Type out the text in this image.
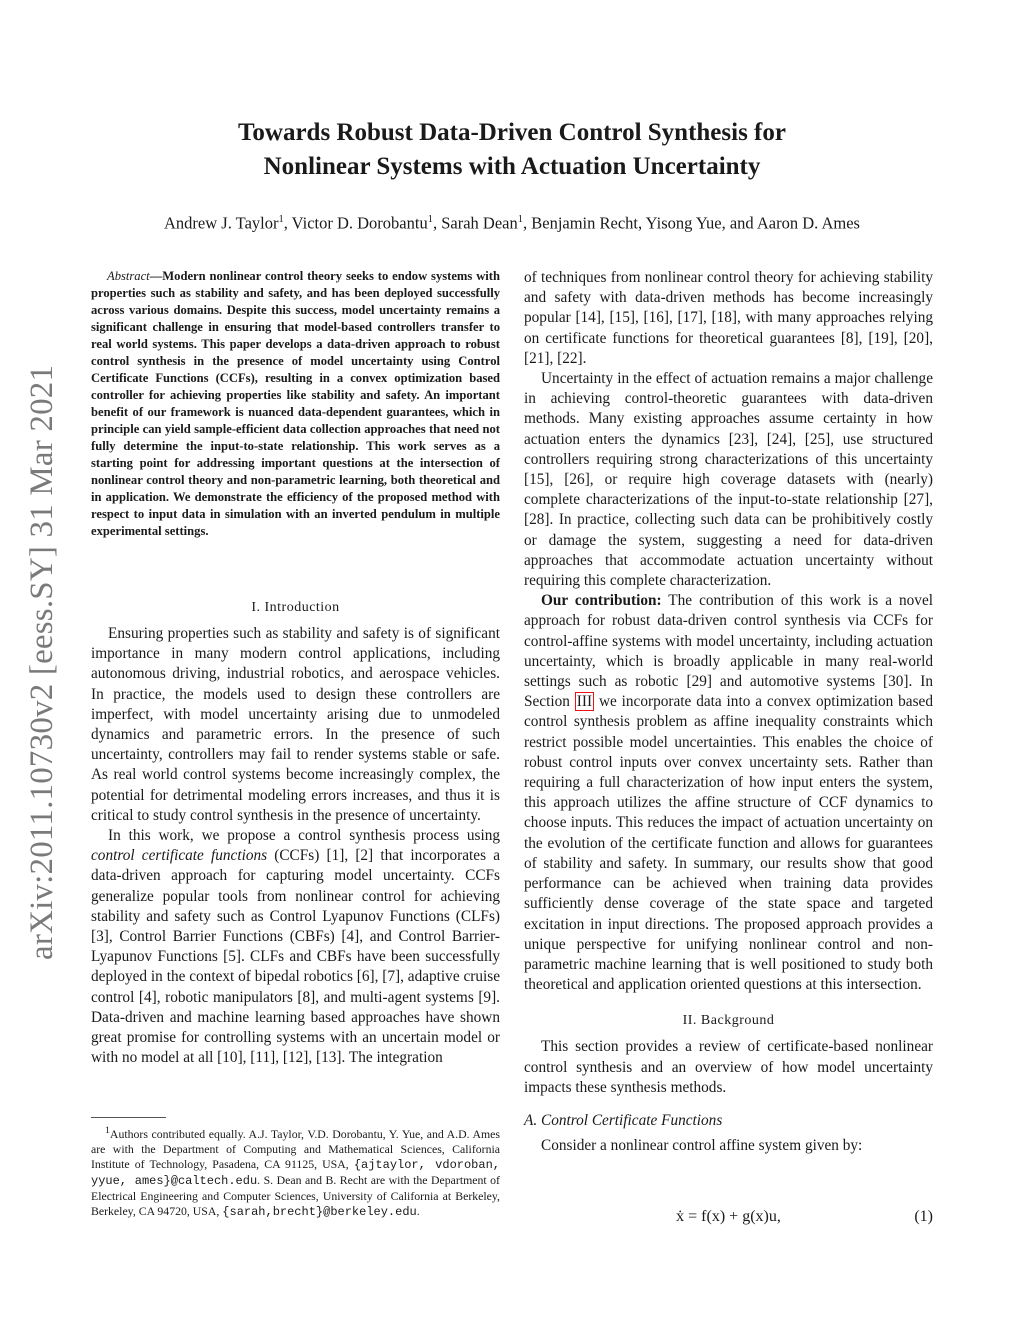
arXiv:2011.10730v2 [eess.SY] 31 Mar 2021
Towards Robust Data-Driven Control Synthesis for
Nonlinear Systems with Actuation Uncertainty
Andrew J. Taylor$^1$, Victor D. Dorobantu$^1$, Sarah Dean$^1$, Benjamin Recht, Yisong Yue, and Aaron D. Ames

Abstract—Modern nonlinear control theory seeks to endow systems with properties such as stability and safety, and has been deployed successfully across various domains. Despite this success, model uncertainty remains a significant challenge in ensuring that model-based controllers transfer to real world systems. This paper develops a data-driven approach to robust control synthesis in the presence of model uncertainty using Control Certificate Functions (CCFs), resulting in a convex optimization based controller for achieving properties like stability and safety. An important benefit of our framework is nuanced data-dependent guarantees, which in principle can yield sample-efficient data collection approaches that need not fully determine the input-to-state relationship. This work serves as a starting point for addressing important questions at the intersection of nonlinear control theory and non-parametric learning, both theoretical and in application. We demonstrate the efficiency of the proposed method with respect to input data in simulation with an inverted pendulum in multiple experimental settings.

I. Introduction

Ensuring properties such as stability and safety is of significant importance in many modern control applications, including autonomous driving, industrial robotics, and aerospace vehicles. In practice, the models used to design these controllers are imperfect, with model uncertainty arising due to unmodeled dynamics and parametric errors. In the presence of such uncertainty, controllers may fail to render systems stable or safe. As real world control systems become increasingly complex, the potential for detrimental modeling errors increases, and thus it is critical to study control synthesis in the presence of uncertainty.

In this work, we propose a control synthesis process using control certificate functions (CCFs) [1], [2] that incorporates a data-driven approach for capturing model uncertainty. CCFs generalize popular tools from nonlinear control for achieving stability and safety such as Control Lyapunov Functions (CLFs) [3], Control Barrier Functions (CBFs) [4], and Control Barrier-Lyapunov Functions [5]. CLFs and CBFs have been successfully deployed in the context of bipedal robotics [6], [7], adaptive cruise control [4], robotic manipulators [8], and multi-agent systems [9]. Data-driven and machine learning based approaches have shown great promise for controlling systems with an uncertain model or with no model at all [10], [11], [12], [13]. The integration

$^1$Authors contributed equally. A.J. Taylor, V.D. Dorobantu, Y. Yue, and A.D. Ames are with the Department of Computing and Mathematical Sciences, California Institute of Technology, Pasadena, CA 91125, USA, {ajtaylor, vdoroban, yyue, ames}@caltech.edu. S. Dean and B. Recht are with the Department of Electrical Engineering and Computer Sciences, University of California at Berkeley, Berkeley, CA 94720, USA, {sarah,brecht}@berkeley.edu.

of techniques from nonlinear control theory for achieving stability and safety with data-driven methods has become increasingly popular [14], [15], [16], [17], [18], with many approaches relying on certificate functions for theoretical guarantees [8], [19], [20], [21], [22].

Uncertainty in the effect of actuation remains a major challenge in achieving control-theoretic guarantees with data-driven methods. Many existing approaches assume certainty in how actuation enters the dynamics [23], [24], [25], use structured controllers requiring strong characterizations of this uncertainty [15], [26], or require high coverage datasets with (nearly) complete characterizations of the input-to-state relationship [27], [28]. In practice, collecting such data can be prohibitively costly or damage the system, suggesting a need for data-driven approaches that accommodate actuation uncertainty without requiring this complete characterization.

Our contribution: The contribution of this work is a novel approach for robust data-driven control synthesis via CCFs for control-affine systems with model uncertainty, including actuation uncertainty, which is broadly applicable in many real-world settings such as robotic [29] and automotive systems [30]. In Section III we incorporate data into a convex optimization based control synthesis problem as affine inequality constraints which restrict possible model uncertainties. This enables the choice of robust control inputs over convex uncertainty sets. Rather than requiring a full characterization of how input enters the system, this approach utilizes the affine structure of CCF dynamics to choose inputs. This reduces the impact of actuation uncertainty on the evolution of the certificate function and allows for guarantees of stability and safety. In summary, our results show that good performance can be achieved when training data provides sufficiently dense coverage of the state space and targeted excitation in input directions. The proposed approach provides a unique perspective for unifying nonlinear control and non-parametric machine learning that is well positioned to study both theoretical and application oriented questions at this intersection.

II. Background

This section provides a review of certificate-based nonlinear control synthesis and an overview of how model uncertainty impacts these synthesis methods.

A. Control Certificate Functions

Consider a nonlinear control affine system given by:

ẋ = f(x) + g(x)u,	(1)
